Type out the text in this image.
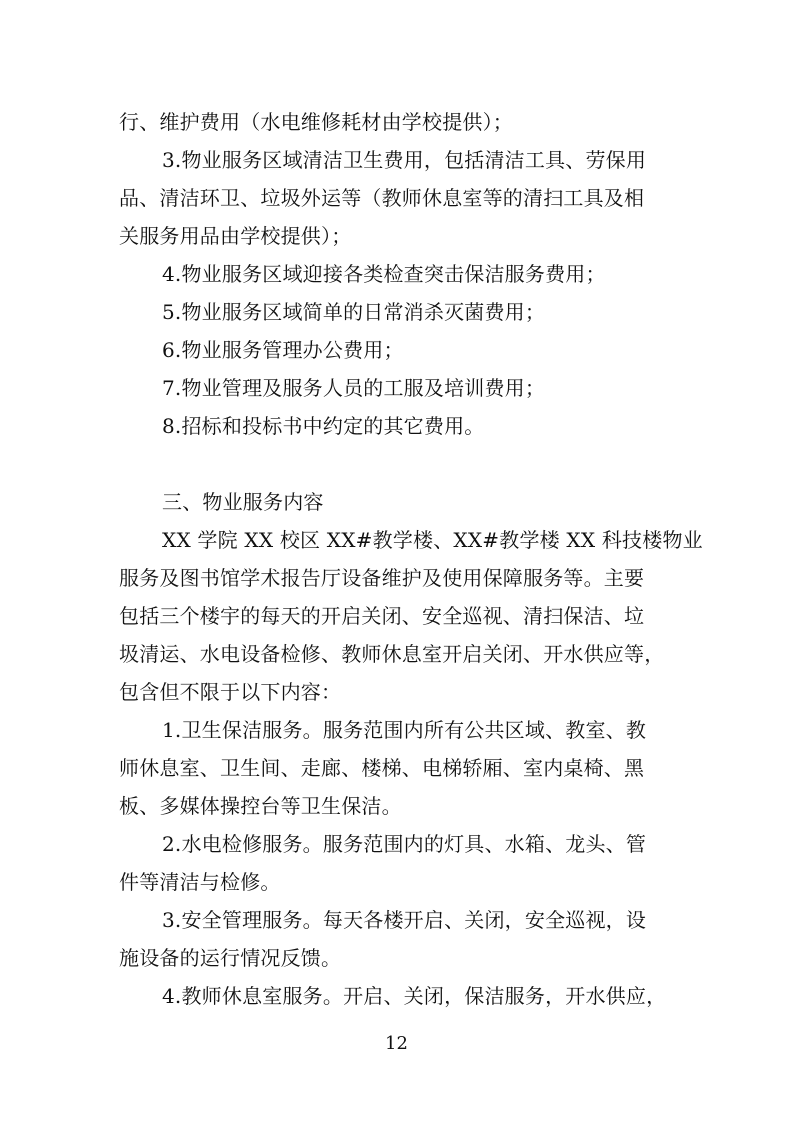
行、维护费用（水电维修耗材由学校提供）；
3.物业服务区域清洁卫生费用，包括清洁工具、劳保用
品、清洁环卫、垃圾外运等（教师休息室等的清扫工具及相
关服务用品由学校提供）；
4.物业服务区域迎接各类检查突击保洁服务费用；
5.物业服务区域简单的日常消杀灭菌费用；
6.物业服务管理办公费用；
7.物业管理及服务人员的工服及培训费用；
8.招标和投标书中约定的其它费用。
三、物业服务内容
XX 学院 XX 校区 XX#教学楼、XX#教学楼 XX 科技楼物业
服务及图书馆学术报告厅设备维护及使用保障服务等。主要
包括三个楼宇的每天的开启关闭、安全巡视、清扫保洁、垃
圾清运、水电设备检修、教师休息室开启关闭、开水供应等，
包含但不限于以下内容：
1.卫生保洁服务。服务范围内所有公共区域、教室、教
师休息室、卫生间、走廊、楼梯、电梯轿厢、室内桌椅、黑
板、多媒体操控台等卫生保洁。
2.水电检修服务。服务范围内的灯具、水箱、龙头、管
件等清洁与检修。
3.安全管理服务。每天各楼开启、关闭，安全巡视，设
施设备的运行情况反馈。
4.教师休息室服务。开启、关闭，保洁服务，开水供应，
12
